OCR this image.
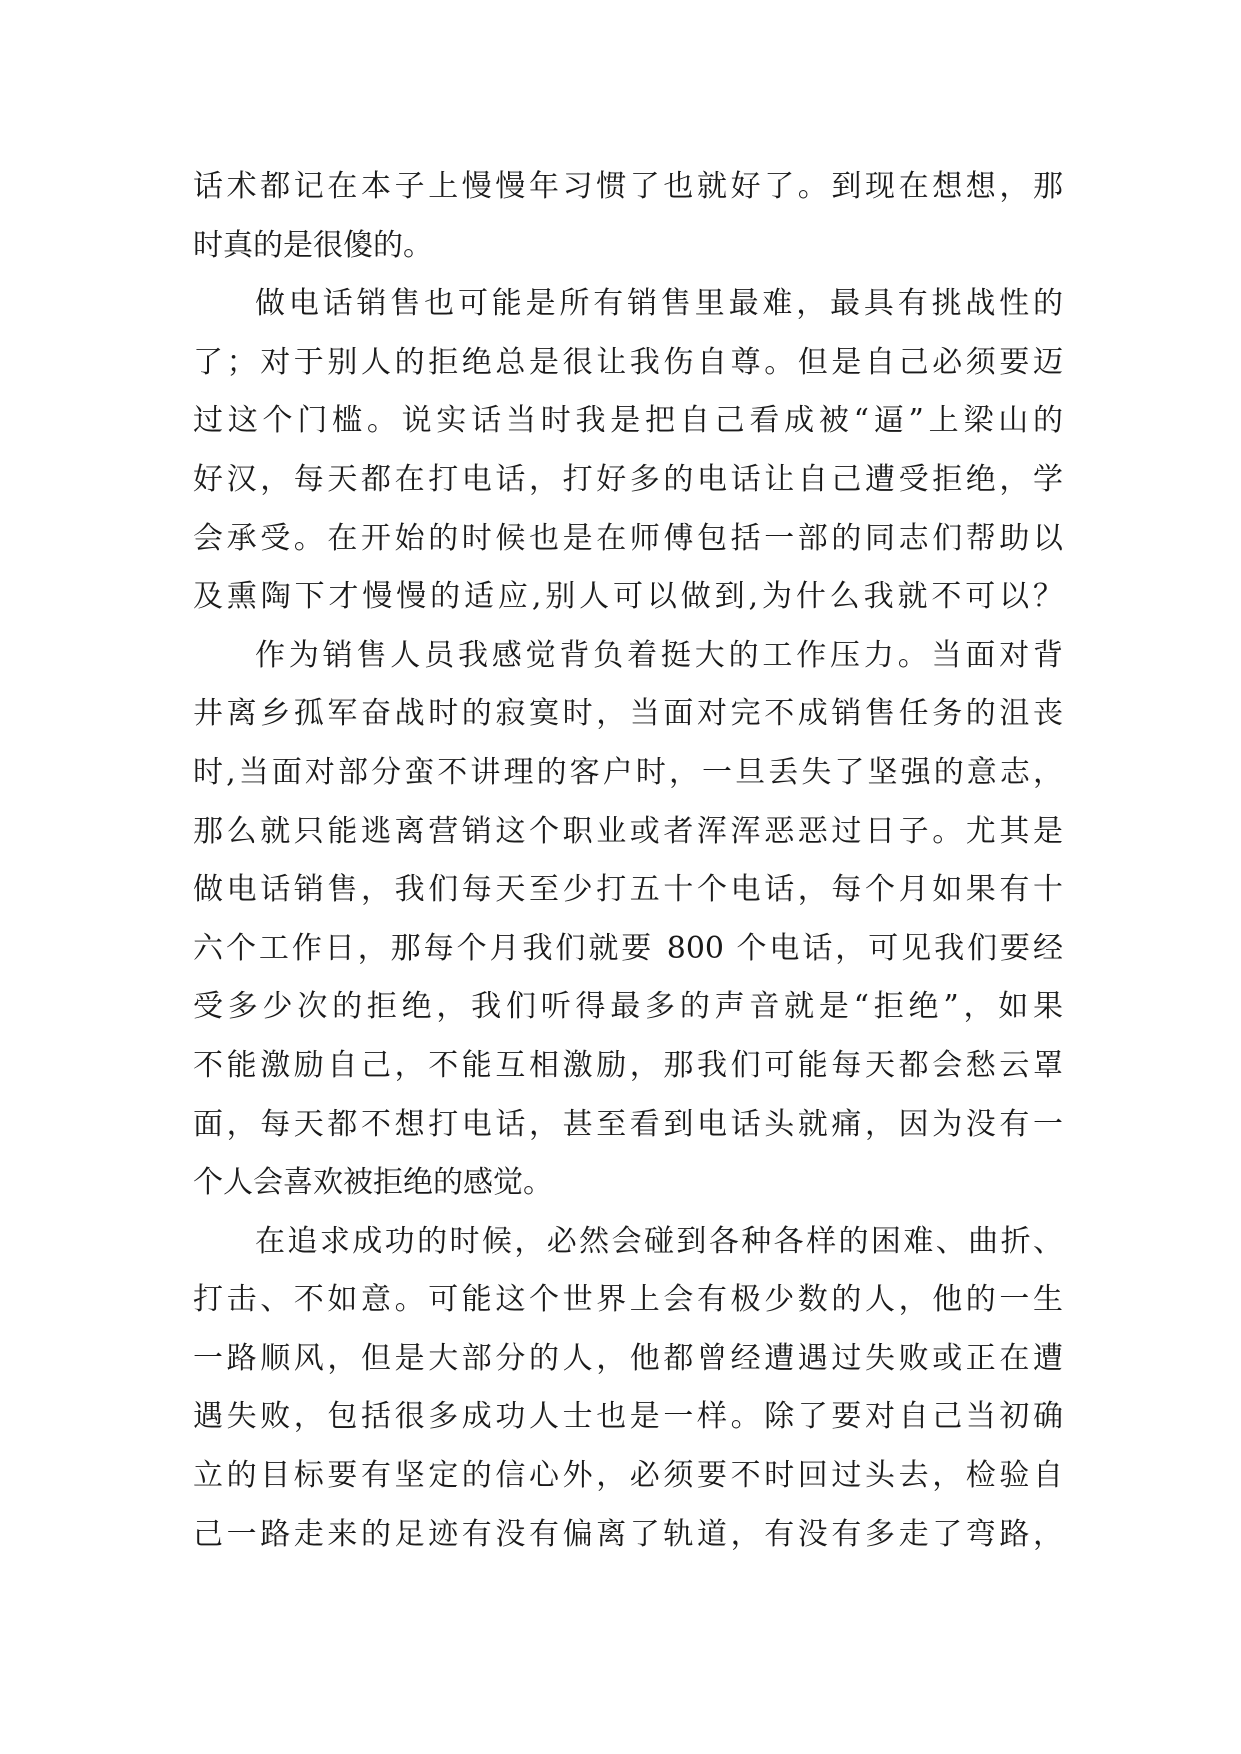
话术都记在本子上慢慢年习惯了也就好了。到现在想想，那
时真的是很傻的。
做电话销售也可能是所有销售里最难，最具有挑战性的
了；对于别人的拒绝总是很让我伤自尊。但是自己必须要迈
过这个门槛。说实话当时我是把自己看成被“逼”上梁山的
好汉，每天都在打电话，打好多的电话让自己遭受拒绝，学
会承受。在开始的时候也是在师傅包括一部的同志们帮助以
及熏陶下才慢慢的适应,别人可以做到,为什么我就不可以？
作为销售人员我感觉背负着挺大的工作压力。当面对背
井离乡孤军奋战时的寂寞时，当面对完不成销售任务的沮丧
时,当面对部分蛮不讲理的客户时，一旦丢失了坚强的意志，
那么就只能逃离营销这个职业或者浑浑恶恶过日子。尤其是
做电话销售，我们每天至少打五十个电话，每个月如果有十
六个工作日，那每个月我们就要 800 个电话，可见我们要经
受多少次的拒绝，我们听得最多的声音就是“拒绝”，如果
不能激励自己，不能互相激励，那我们可能每天都会愁云罩
面，每天都不想打电话，甚至看到电话头就痛，因为没有一
个人会喜欢被拒绝的感觉。
在追求成功的时候，必然会碰到各种各样的困难、曲折、
打击、不如意。可能这个世界上会有极少数的人，他的一生
一路顺风，但是大部分的人，他都曾经遭遇过失败或正在遭
遇失败，包括很多成功人士也是一样。除了要对自己当初确
立的目标要有坚定的信心外，必须要不时回过头去，检验自
己一路走来的足迹有没有偏离了轨道，有没有多走了弯路，
